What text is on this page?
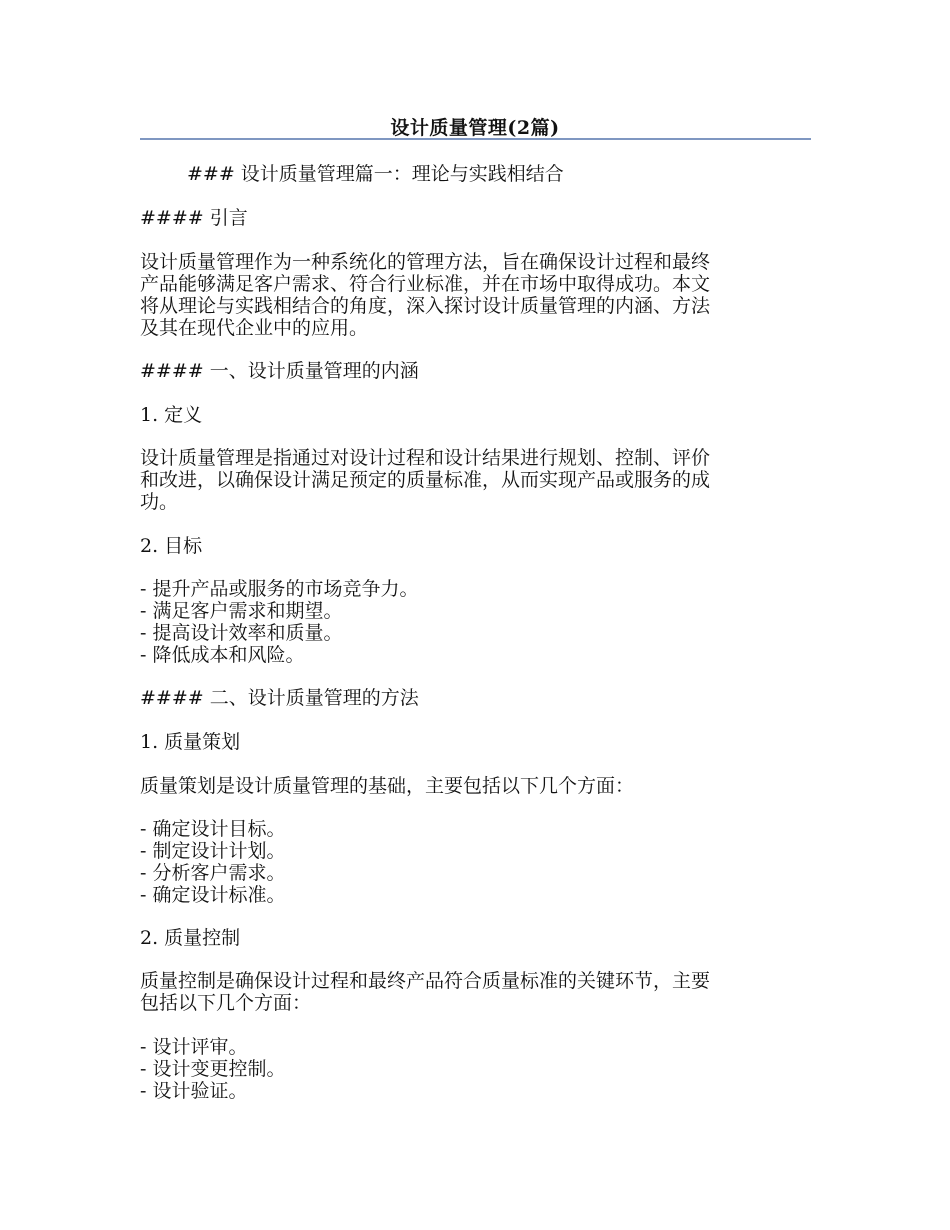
设计质量管理(2篇)
### 设计质量管理篇一：理论与实践相结合
#### 引言
设计质量管理作为一种系统化的管理方法，旨在确保设计过程和最终
产品能够满足客户需求、符合行业标准，并在市场中取得成功。本文
将从理论与实践相结合的角度，深入探讨设计质量管理的内涵、方法
及其在现代企业中的应用。
#### 一、设计质量管理的内涵
1. 定义
设计质量管理是指通过对设计过程和设计结果进行规划、控制、评价
和改进，以确保设计满足预定的质量标准，从而实现产品或服务的成
功。
2. 目标
- 提升产品或服务的市场竞争力。
- 满足客户需求和期望。
- 提高设计效率和质量。
- 降低成本和风险。
#### 二、设计质量管理的方法
1. 质量策划
质量策划是设计质量管理的基础，主要包括以下几个方面：
- 确定设计目标。
- 制定设计计划。
- 分析客户需求。
- 确定设计标准。
2. 质量控制
质量控制是确保设计过程和最终产品符合质量标准的关键环节，主要
包括以下几个方面：
- 设计评审。
- 设计变更控制。
- 设计验证。
